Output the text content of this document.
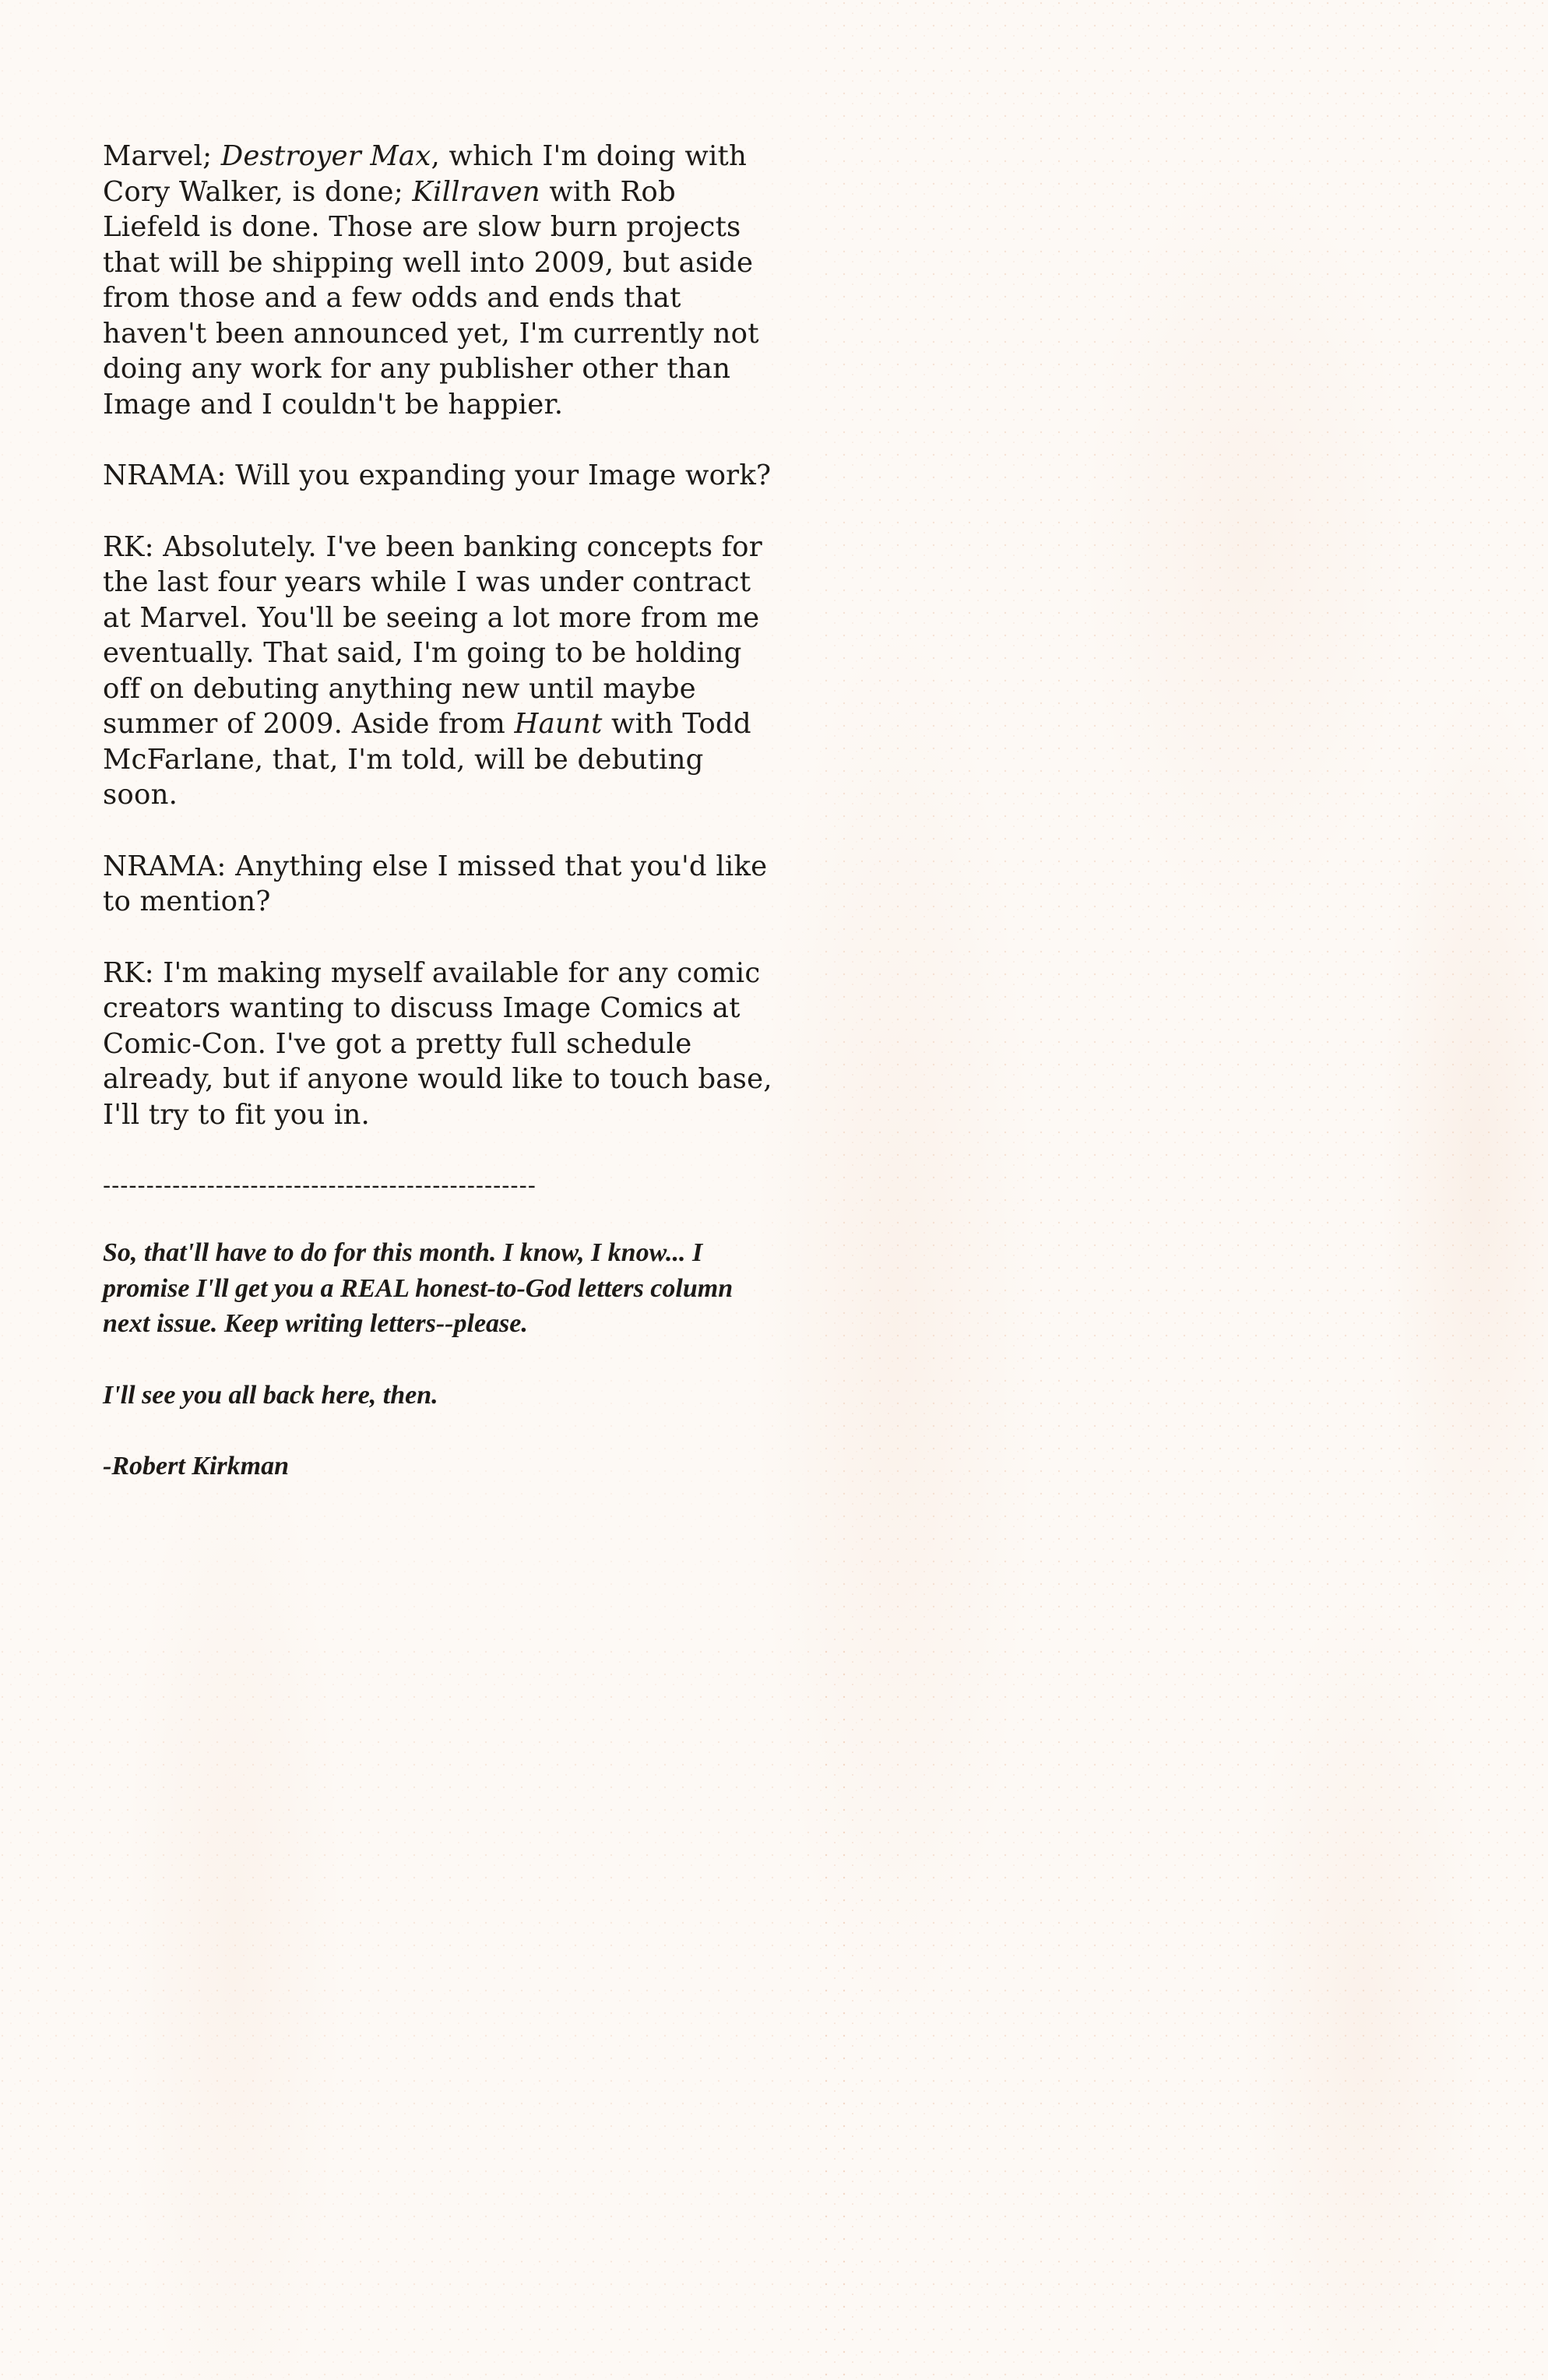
Marvel; Destroyer Max, which I'm doing with Cory Walker, is done; Killraven with Rob Liefeld is done. Those are slow burn projects that will be shipping well into 2009, but aside from those and a few odds and ends that haven't been announced yet, I'm currently not doing any work for any publisher other than Image and I couldn't be happier.

NRAMA: Will you expanding your Image work?

RK: Absolutely. I've been banking concepts for the last four years while I was under contract at Marvel. You'll be seeing a lot more from me eventually. That said, I'm going to be holding off on debuting anything new until maybe summer of 2009. Aside from Haunt with Todd McFarlane, that, I'm told, will be debuting soon.

NRAMA: Anything else I missed that you'd like to mention?

RK: I'm making myself available for any comic creators wanting to discuss Image Comics at Comic-Con. I've got a pretty full schedule already, but if anyone would like to touch base, I'll try to fit you in.

--------------------------------------------------

So, that'll have to do for this month. I know, I know... I promise I'll get you a REAL honest-to-God letters column next issue. Keep writing letters--please.

I'll see you all back here, then.

-Robert Kirkman
